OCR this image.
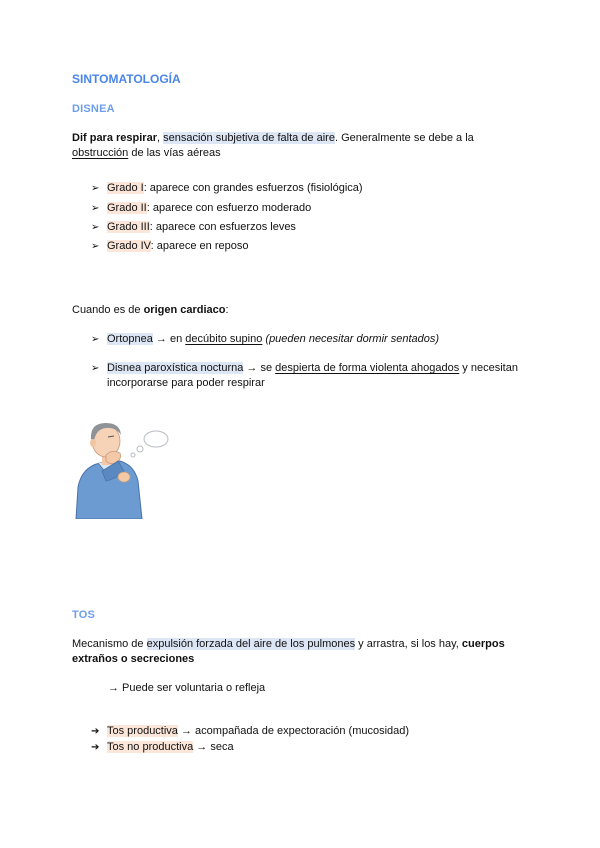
SINTOMATOLOGÍA
DISNEA
Dif para respirar, sensación subjetiva de falta de aire. Generalmente se debe a la
obstrucción de las vías aéreas
➢ Grado I: aparece con grandes esfuerzos (fisiológica)
➢ Grado II: aparece con esfuerzo moderado
➢ Grado III: aparece con esfuerzos leves
➢ Grado IV: aparece en reposo
Cuando es de origen cardiaco:
➢ Ortopnea → en decúbito supino (pueden necesitar dormir sentados)
➢ Disnea paroxística nocturna → se despierta de forma violenta ahogados y necesitan
incorporarse para poder respirar
TOS
Mecanismo de expulsión forzada del aire de los pulmones y arrastra, si los hay, cuerpos
extraños o secreciones
→ Puede ser voluntaria o refleja
➔ Tos productiva → acompañada de expectoración (mucosidad)
➔ Tos no productiva → seca
